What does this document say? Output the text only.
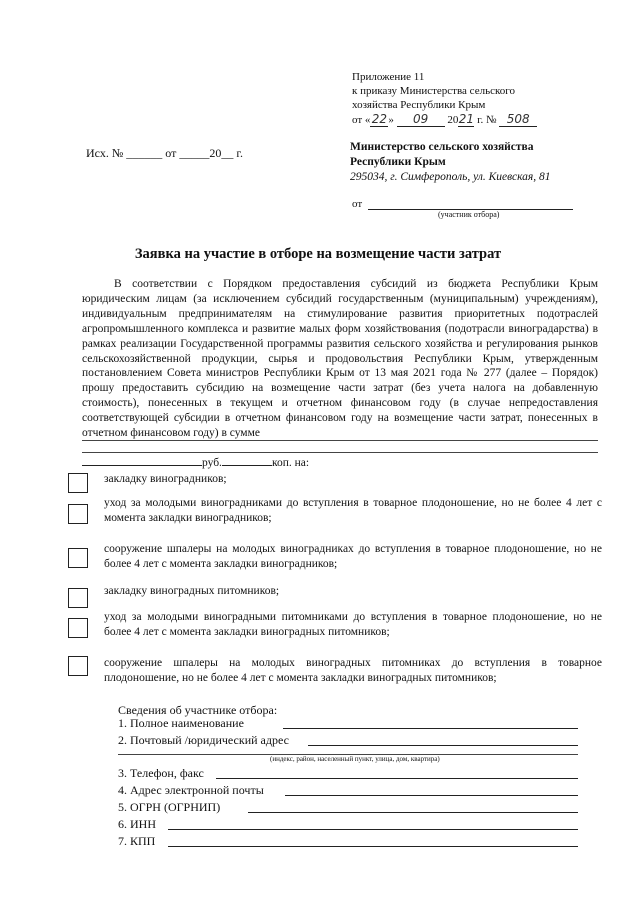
Приложение 11
к приказу Министерства сельского
хозяйства Республики Крым
от «22» 09 2021 г. № 508
Исх. № ______ от _____20__ г.	Министерство сельского хозяйства
Республики Крым
295034, г. Симферополь, ул. Киевская, 81
от
(участник отбора)
Заявка на участие в отборе на возмещение части затрат

В соответствии с Порядком предоставления субсидий из бюджета Республики Крым юридическим лицам (за исключением субсидий государственным (муниципальным) учреждениям), индивидуальным предпринимателям на стимулирование развития приоритетных подотраслей агропромышленного комплекса и развитие малых форм хозяйствования (подотрасли виноградарства) в рамках реализации Государственной программы развития сельского хозяйства и регулирования рынков сельскохозяйственной продукции, сырья и продовольствия Республики Крым, утвержденным постановлением Совета министров Республики Крым от 13 мая 2021 года № 277 (далее – Порядок) прошу предоставить субсидию на возмещение части затрат (без учета налога на добавленную стоимость), понесенных в текущем и отчетном финансовом году (в случае непредоставления соответствующей субсидии в отчетном финансовом году на возмещение части затрат, понесенных в отчетном финансовом году) в сумме

руб.	коп. на:
закладку виноградников;
уход за молодыми виноградниками до вступления в товарное плодоношение, но не более 4 лет с момента закладки виноградников;
сооружение шпалеры на молодых виноградниках до вступления в товарное плодоношение, но не более 4 лет с момента закладки виноградников;
закладку виноградных питомников;
уход за молодыми виноградными питомниками до вступления в товарное плодоношение, но не более 4 лет с момента закладки виноградных питомников;
сооружение шпалеры на молодых виноградных питомниках до вступления в товарное плодоношение, но не более 4 лет с момента закладки виноградных питомников;
Сведения об участнике отбора:
1. Полное наименование
2. Почтовый /юридический адрес
(индекс, район, населенный пункт, улица, дом, квартира)
3. Телефон, факс
4. Адрес электронной почты
5. ОГРН (ОГРНИП)
6. ИНН
7. КПП
